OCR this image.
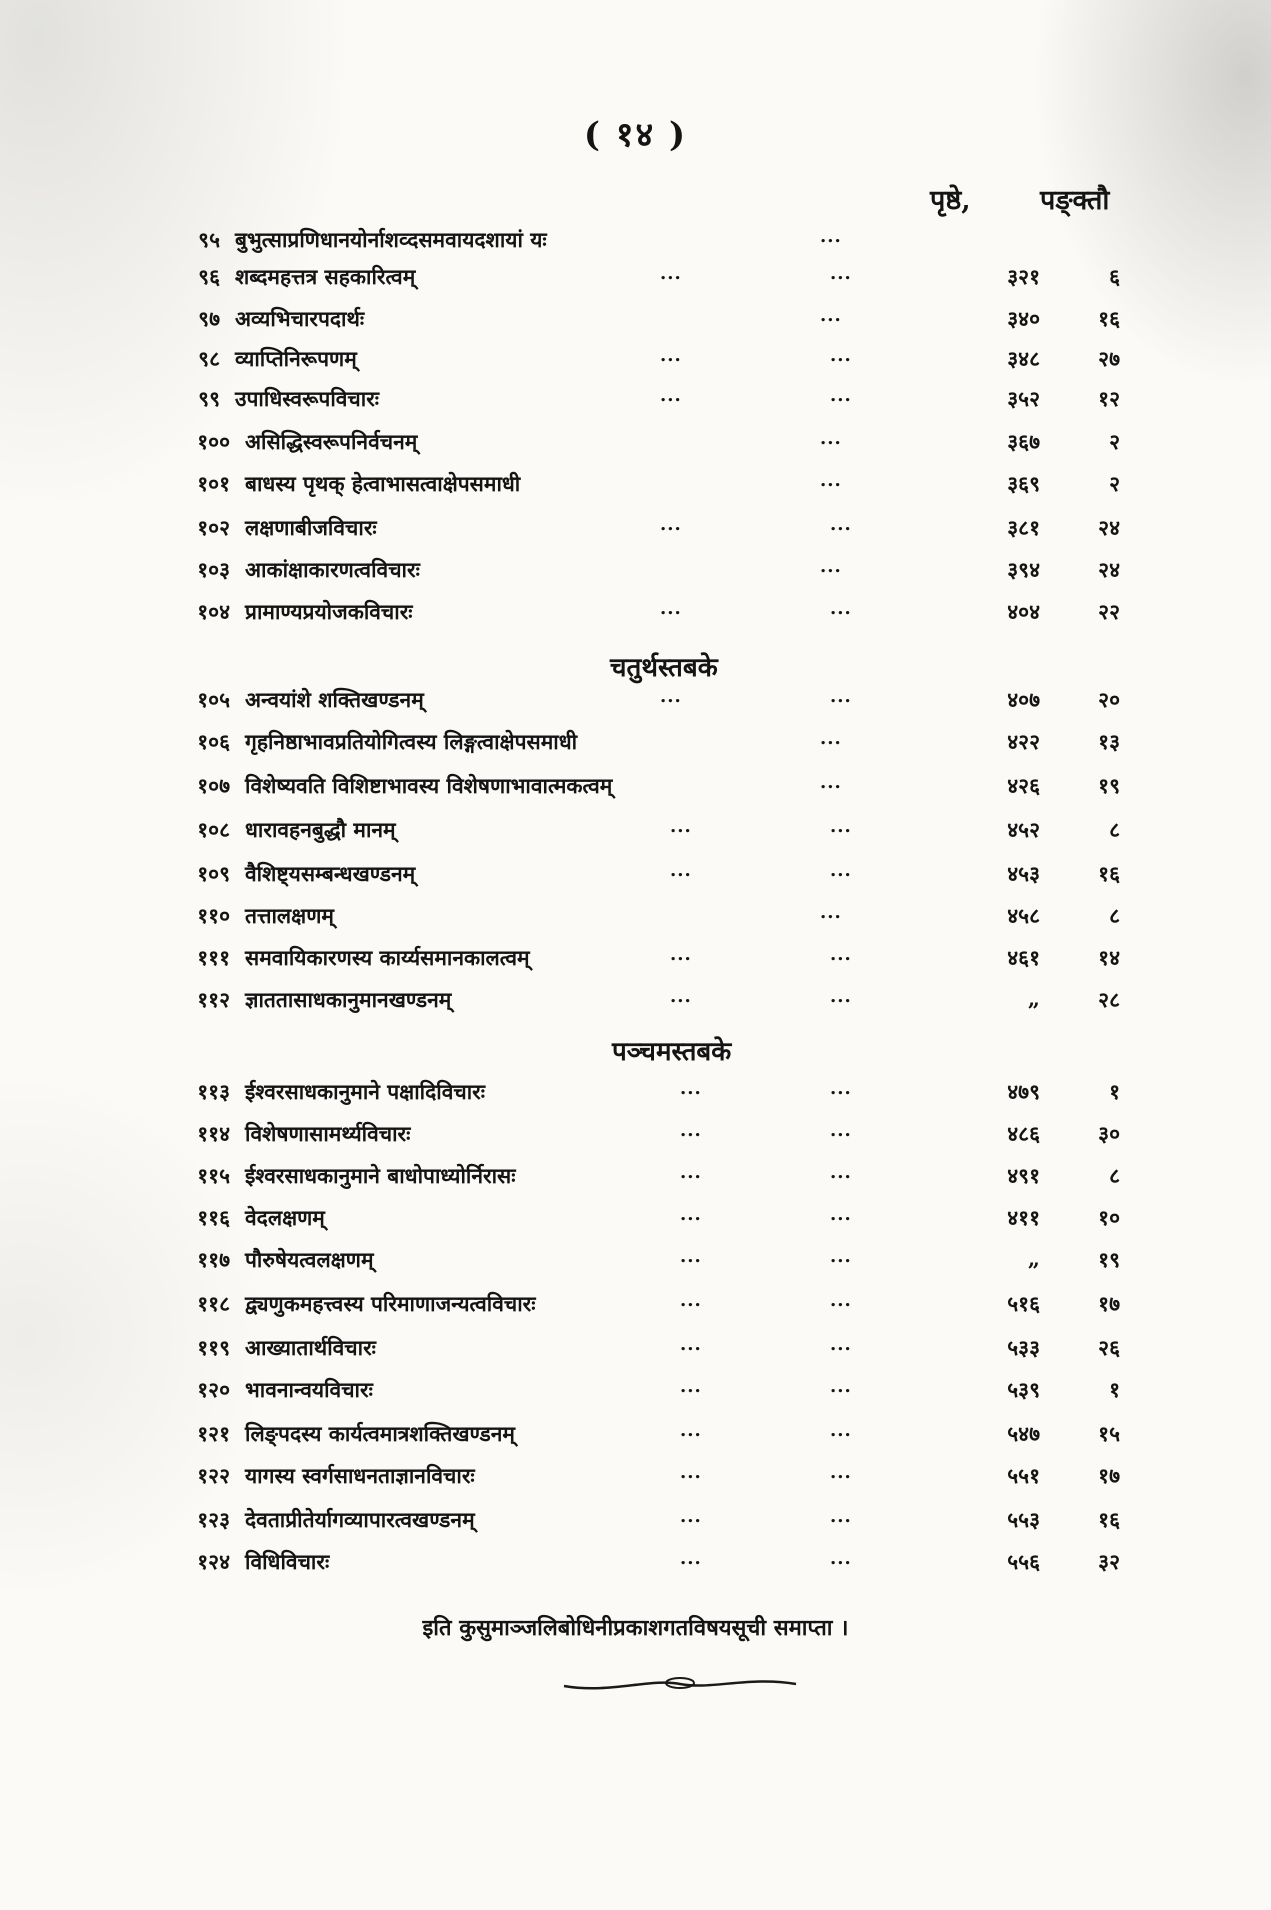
( १४ )
पृष्ठे,	पङ्क्तौ
९५ बुभुत्साप्रणिधानयोर्नाशव्दसमवायदशायां यः	...
९६ शब्दमहत्तत्र सहकारित्वम्	...	...	३२१	६
९७ अव्यभिचारपदार्थः	...	३४०	१६
९८ व्याप्तिनिरूपणम्	...	...	३४८	२७
९९ उपाधिस्वरूपविचारः	...	...	३५२	१२
१०० असिद्धिस्वरूपनिर्वचनम्	...	३६७	२
१०१ बाधस्य पृथक् हेत्वाभासत्वाक्षेपसमाधी	...	३६९	२
१०२ लक्षणाबीजविचारः	...	...	३८१	२४
१०३ आकांक्षाकारणत्वविचारः	...	३९४	२४
१०४ प्रामाण्यप्रयोजकविचारः	...	...	४०४	२२
१०५ अन्वयांशे शक्तिखण्डनम्	...	...	४०७	२०
१०६ गृहनिष्ठाभावप्रतियोगित्वस्य लिङ्गत्वाक्षेपसमाधी	...	४२२	१३
१०७ विशेष्यवति विशिष्टाभावस्य विशेषणाभावात्मकत्वम्	...	४२६	१९
१०८ धारावहनबुद्धौ मानम्	...	...	४५२	८
१०९ वैशिष्ट्यसम्बन्धखण्डनम्	...	...	४५३	१६
११० तत्तालक्षणम्	...	४५८	८
१११ समवायिकारणस्य कार्य्यसमानकालत्वम्	...	...	४६१	१४
११२ ज्ञाततासाधकानुमानखण्डनम्	...	...	„	२८
११३ ईश्वरसाधकानुमाने पक्षादिविचारः	...	...	४७९	१
११४ विशेषणासामर्थ्यविचारः	...	...	४८६	३०
११५ ईश्वरसाधकानुमाने बाधोपाध्योर्निरासः	...	...	४९१	८
११६ वेदलक्षणम्	...	...	४११	१०
११७ पौरुषेयत्वलक्षणम्	...	...	„	१९
११८ द्व्यणुकमहत्त्वस्य परिमाणाजन्यत्वविचारः	...	...	५१६	१७
११९ आख्यातार्थविचारः	...	...	५३३	२६
१२० भावनान्वयविचारः	...	...	५३९	१
१२१ लिङ्पदस्य कार्यत्वमात्रशक्तिखण्डनम्	...	...	५४७	१५
१२२ यागस्य स्वर्गसाधनताज्ञानविचारः	...	...	५५१	१७
१२३ देवताप्रीतेर्यागव्यापारत्वखण्डनम्	...	...	५५३	१६
१२४ विधिविचारः	...	...	५५६	३२
चतुर्थस्तबके
पञ्चमस्तबके
इति कुसुमाञ्जलिबोधिनीप्रकाशगतविषयसूची समाप्ता ।
